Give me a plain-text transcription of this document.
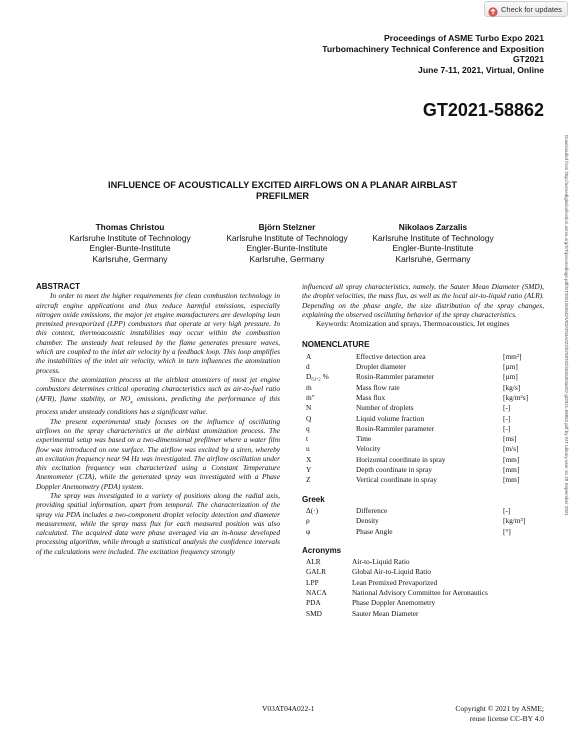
Check for updates
Proceedings of ASME Turbo Expo 2021
Turbomachinery Technical Conference and Exposition
GT2021
June 7-11, 2021, Virtual, Online
GT2021-58862
Downloaded from http://asmedigitalcollection.asme.org/GT/proceedings-pdf/GT2021/84942/V03AT04A022/6768702/v03at04a022-gt2021-58862.pdf by KIT Library user on 28 September 2021
INFLUENCE OF ACOUSTICALLY EXCITED AIRFLOWS ON A PLANAR AIRBLAST
PREFILMER
Thomas Christou
Karlsruhe Institute of Technology
Engler-Bunte-Institute
Karlsruhe, Germany
Björn Stelzner
Karlsruhe Institute of Technology
Engler-Bunte-Institute
Karlsruhe, Germany
Nikolaos Zarzalis
Karlsruhe Institute of Technology
Engler-Bunte-Institute
Karlsruhe, Germany

ABSTRACT

In order to meet the higher requirements for clean combustion technology in aircraft engine applications and thus reduce harmful emissions, especially nitrogen oxide emissions, the major jet engine manufacturers are developing lean premixed prevaporized (LPP) combustors that operate at very high pressure. In this context, thermoacoustic instabilities may occur within the combustion chamber. The unsteady heat released by the flame generates pressure waves, which are coupled to the inlet air velocity by a feedback loop. This loop amplifies the instabilities of the inlet air velocity, which in turn influences the atomization process.

Since the atomization process at the airblast atomizers of most jet engine combustors determines critical operating characteristics such as air-to-fuel ratio (AFR), flame stability, or $NO_x$ emissions, predicting the performance of this process under unsteady conditions has a significant value.

The present experimental study focuses on the influence of oscillating airflows on the spray characteristics at the airblast atomization process. The experimental setup was based on a two-dimensional prefilmer where a water film flow was introduced on one surface. The airflow was excited by a siren, whereby an excitation frequency near 94 Hz was investigated. The airflow oscillation under this excitation frequency was characterized using a Constant Temperature Anemometer (CTA), while the generated spray was investigated with a Phase Doppler Anemometry (PDA) system.

The spray was investigated in a variety of positions along the radial axis, providing spatial information, apart from temporal. The characterization of the spray via PDA includes a two-component droplet velocity detection and diameter measurement, while the spray mass flux for each measured position was also calculated. The acquired data were phase averaged via an in-house developed processing algorithm, while through a statistical analysis the confidence intervals of the calculations were included. The excitation frequency strongly

influenced all spray characteristics, namely, the Sauter Mean Diameter (SMD), the droplet velocities, the mass flux, as well as the local air-to-liquid ratio (ALR). Depending on the phase angle, the size distribution of the spray changes, explaining the observed oscillating behavior of the spray characteristics.

Keywords: Atomization and sprays, Thermoacoustics, Jet engines

NOMENCLATURE

A	Effective detection area	[mm²]
d	Droplet diameter	[µm]
D₆₃.₂ %	Rosin-Rammler parameter	[µm]
ṁ	Mass flow rate	[kg/s]
ṁ″	Mass flux	[kg/m²s]
N	Number of droplets	[-]
Q	Liquid volume fraction	[-]
q	Rosin-Rammler parameter	[-]
t	Time	[ms]
u	Velocity	[m/s]
X	Horizontal coordinate in spray	[mm]
Y	Depth coordinate in spray	[mm]
Z	Vertical coordinate in spray	[mm]

Greek

Δ(·)	Difference	[-]
ρ	Density	[kg/m³]
φ	Phase Angle	[°]

Acronyms

ALR	Air-to-Liquid Ratio
GALR	Global Air-to-Liquid Ratio
LPP	Lean Premixed Prevaporized
NACA	National Advisory Committee for Aeronautics
PDA	Phase Doppler Anemometry
SMD	Sauter Mean Diameter
V03AT04A022-1	Copyright © 2021 by ASME;
reuse license CC-BY 4.0
